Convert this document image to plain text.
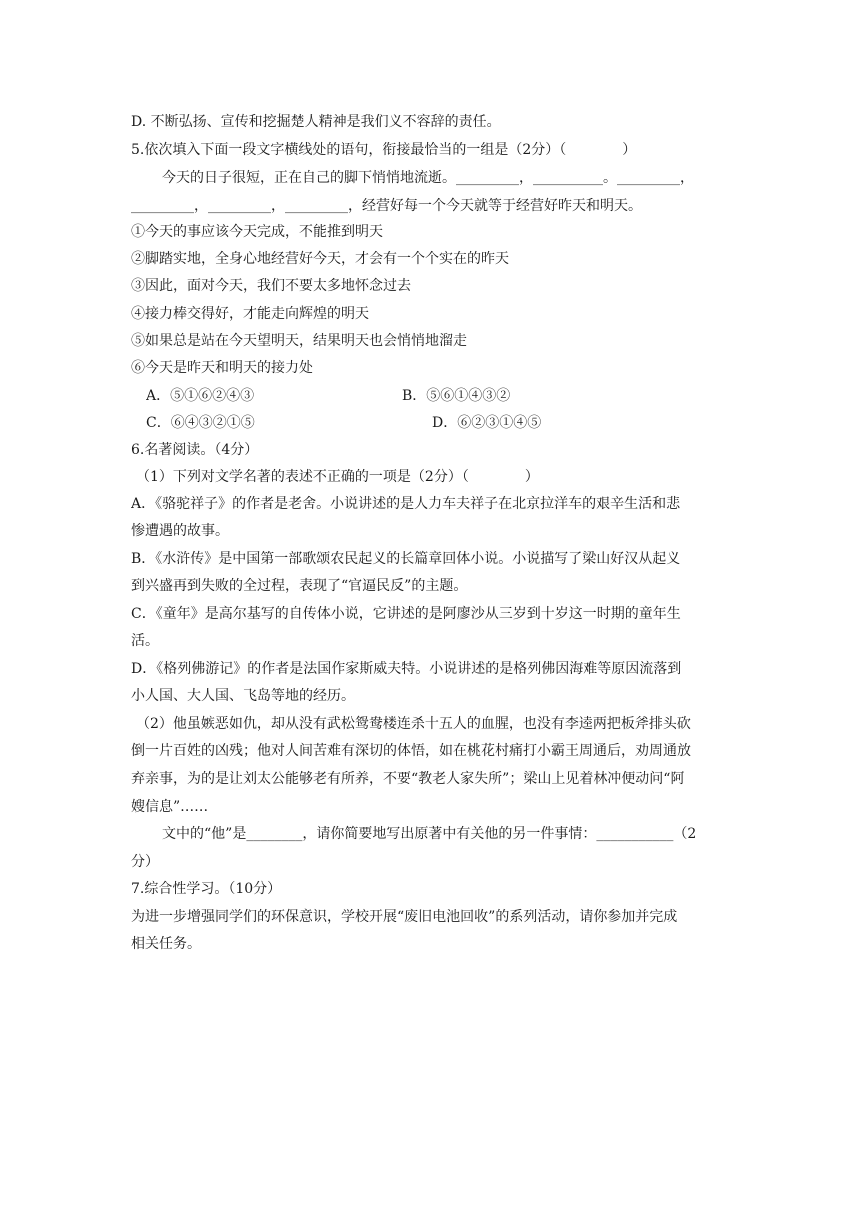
D. 不断弘扬、宣传和挖掘楚人精神是我们义不容辞的责任。
5.依次填入下面一段文字横线处的语句，衔接最恰当的一组是（2分）（	）
今天的日子很短，正在自己的脚下悄悄地流逝。_________，__________。_________，
_________，_________，_________，经营好每一个今天就等于经营好昨天和明天。
①今天的事应该今天完成，不能推到明天
②脚踏实地，全身心地经营好今天，才会有一个个实在的昨天
③因此，面对今天，我们不要太多地怀念过去
④接力棒交得好，才能走向辉煌的明天
⑤如果总是站在今天望明天，结果明天也会悄悄地溜走
⑥今天是昨天和明天的接力处
A．⑤①⑥②④③	B．⑤⑥①④③②
C．⑥④③②①⑤	D．⑥②③①④⑤
6.名著阅读。（4分）
（1）下列对文学名著的表述不正确的一项是（2分）（	）
A．《骆驼祥子》的作者是老舍。小说讲述的是人力车夫祥子在北京拉洋车的艰辛生活和悲
惨遭遇的故事。
B．《水浒传》是中国第一部歌颂农民起义的长篇章回体小说。小说描写了梁山好汉从起义
到兴盛再到失败的全过程，表现了“官逼民反”的主题。
C．《童年》是高尔基写的自传体小说，它讲述的是阿廖沙从三岁到十岁这一时期的童年生
活。
D．《格列佛游记》的作者是法国作家斯威夫特。小说讲述的是格列佛因海难等原因流落到
小人国、大人国、飞岛等地的经历。
（2）他虽嫉恶如仇，却从没有武松鸳鸯楼连杀十五人的血腥，也没有李逵两把板斧排头砍
倒一片百姓的凶残；他对人间苦难有深切的体悟，如在桃花村痛打小霸王周通后，劝周通放
弃亲事，为的是让刘太公能够老有所养，不要“教老人家失所”；梁山上见着林冲便动问“阿
嫂信息”……
文中的“他”是________，请你简要地写出原著中有关他的另一件事情：___________（2
分）
7.综合性学习。（10分）
为进一步增强同学们的环保意识，学校开展“废旧电池回收”的系列活动，请你参加并完成
相关任务。
